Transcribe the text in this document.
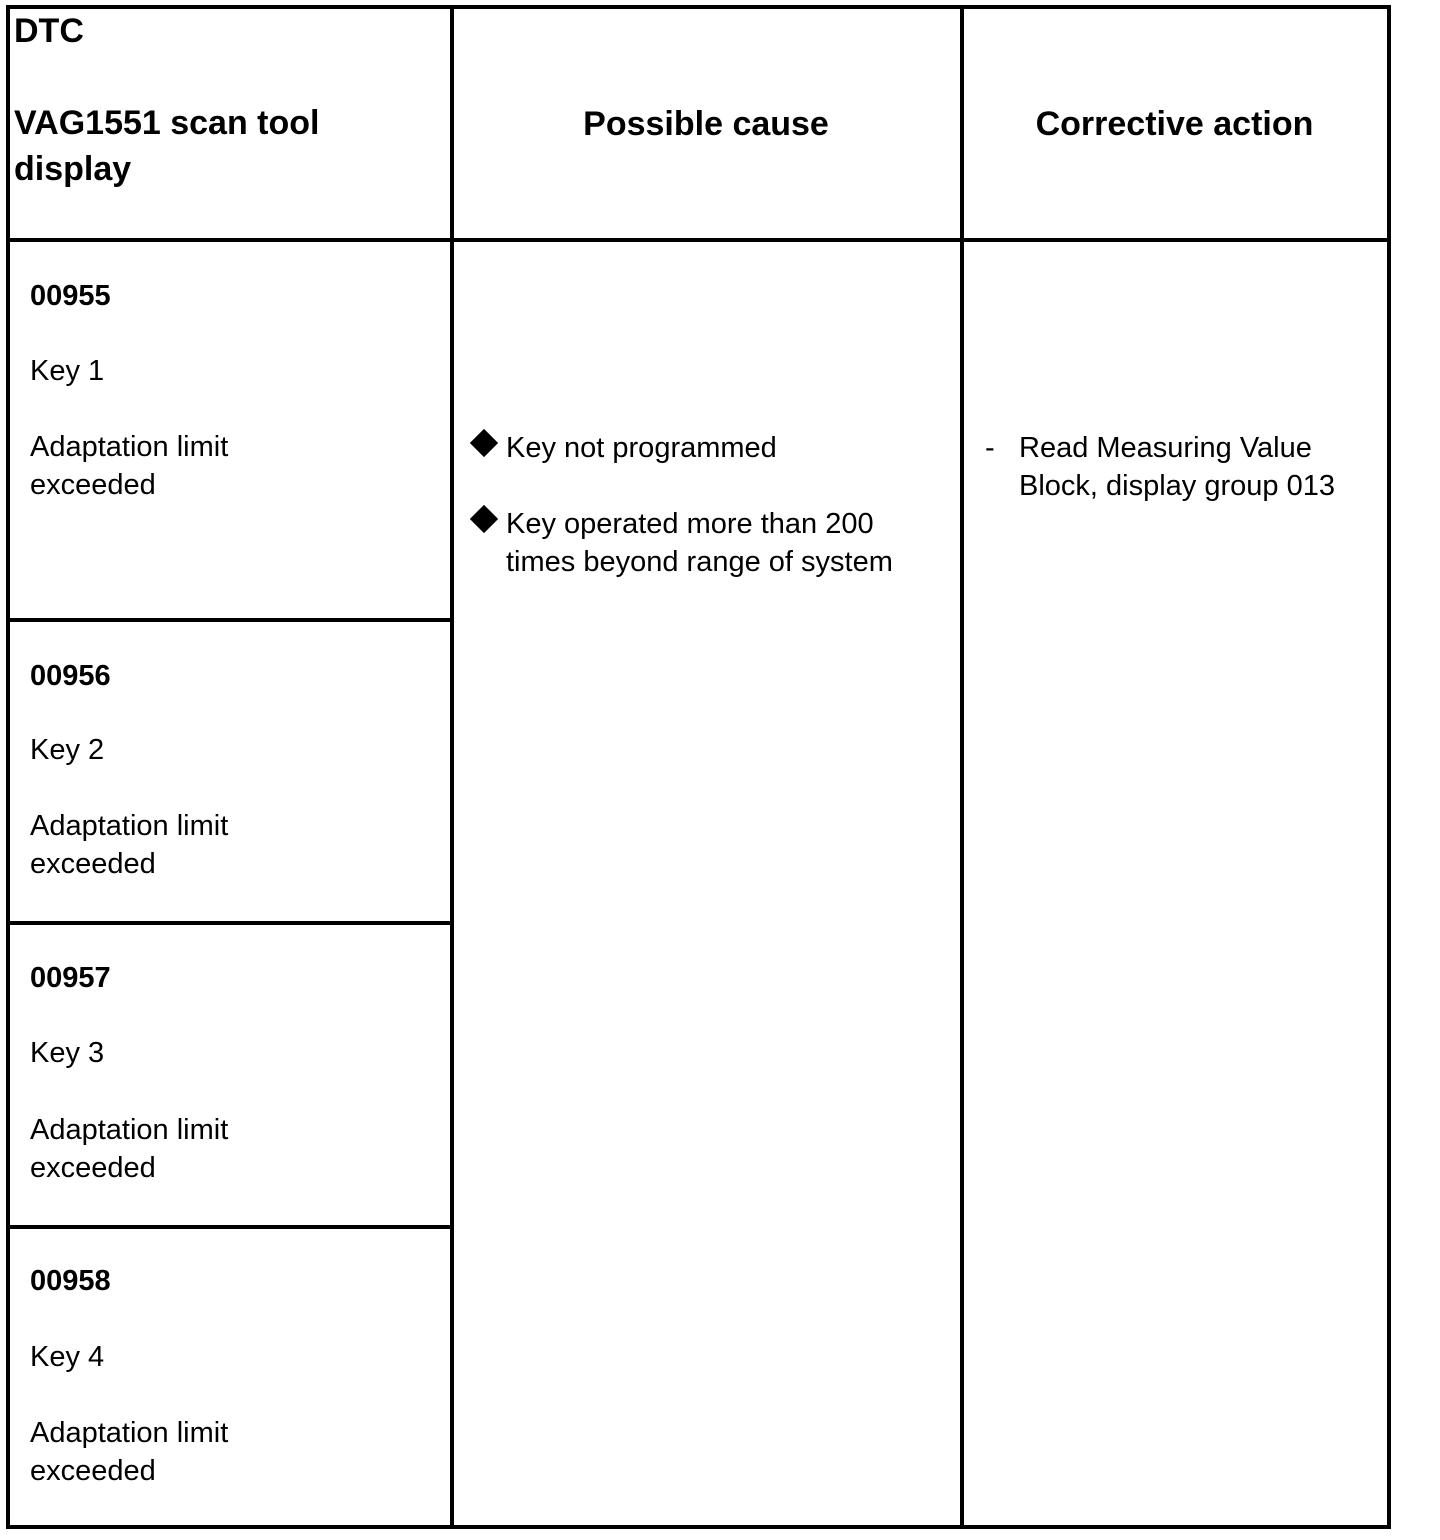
DTC
VAG1551 scan tool display
Possible cause	Corrective action
00955
Key 1
Adaptation limit exceeded
00956
Key 2
Adaptation limit exceeded
00957
Key 3
Adaptation limit exceeded
00958
Key 4
Adaptation limit exceeded
Key not programmed
Key operated more than 200 times beyond range of system
- Read Measuring Value Block, display group 013
